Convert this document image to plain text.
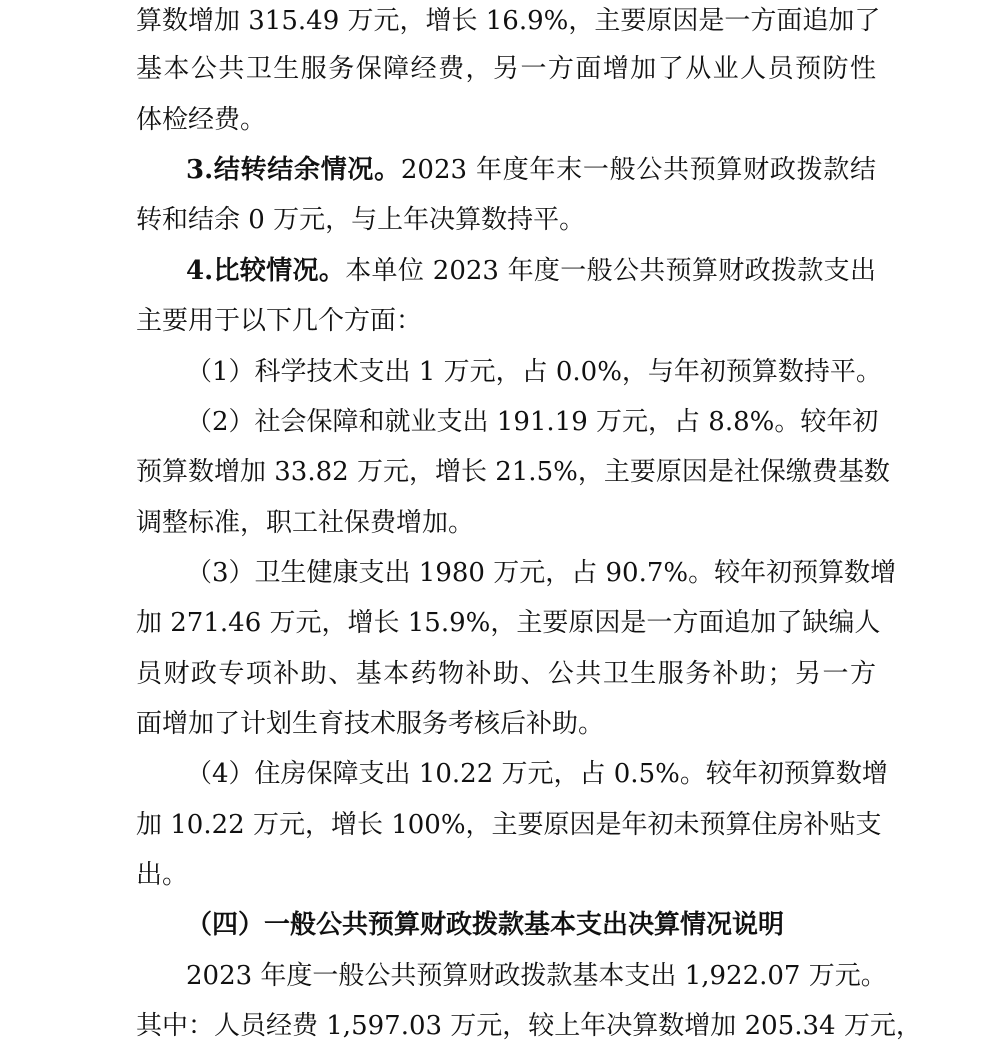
算数增加 315.49 万元，增长 16.9%，主要原因是一方面追加了
基本公共卫生服务保障经费，另一方面增加了从业人员预防性
体检经费。
3.结转结余情况。2023 年度年末一般公共预算财政拨款结
转和结余 0 万元，与上年决算数持平。
4.比较情况。本单位 2023 年度一般公共预算财政拨款支出
主要用于以下几个方面：
（1）科学技术支出 1 万元，占 0.0%，与年初预算数持平。
（2）社会保障和就业支出 191.19 万元，占 8.8%。较年初
预算数增加 33.82 万元，增长 21.5%，主要原因是社保缴费基数
调整标准，职工社保费增加。
（3）卫生健康支出 1980 万元，占 90.7%。较年初预算数增
加 271.46 万元，增长 15.9%，主要原因是一方面追加了缺编人
员财政专项补助、基本药物补助、公共卫生服务补助；另一方
面增加了计划生育技术服务考核后补助。
（4）住房保障支出 10.22 万元，占 0.5%。较年初预算数增
加 10.22 万元，增长 100%，主要原因是年初未预算住房补贴支
出。
（四）一般公共预算财政拨款基本支出决算情况说明
2023 年度一般公共预算财政拨款基本支出 1,922.07 万元。
其中：人员经费 1,597.03 万元，较上年决算数增加 205.34 万元，
